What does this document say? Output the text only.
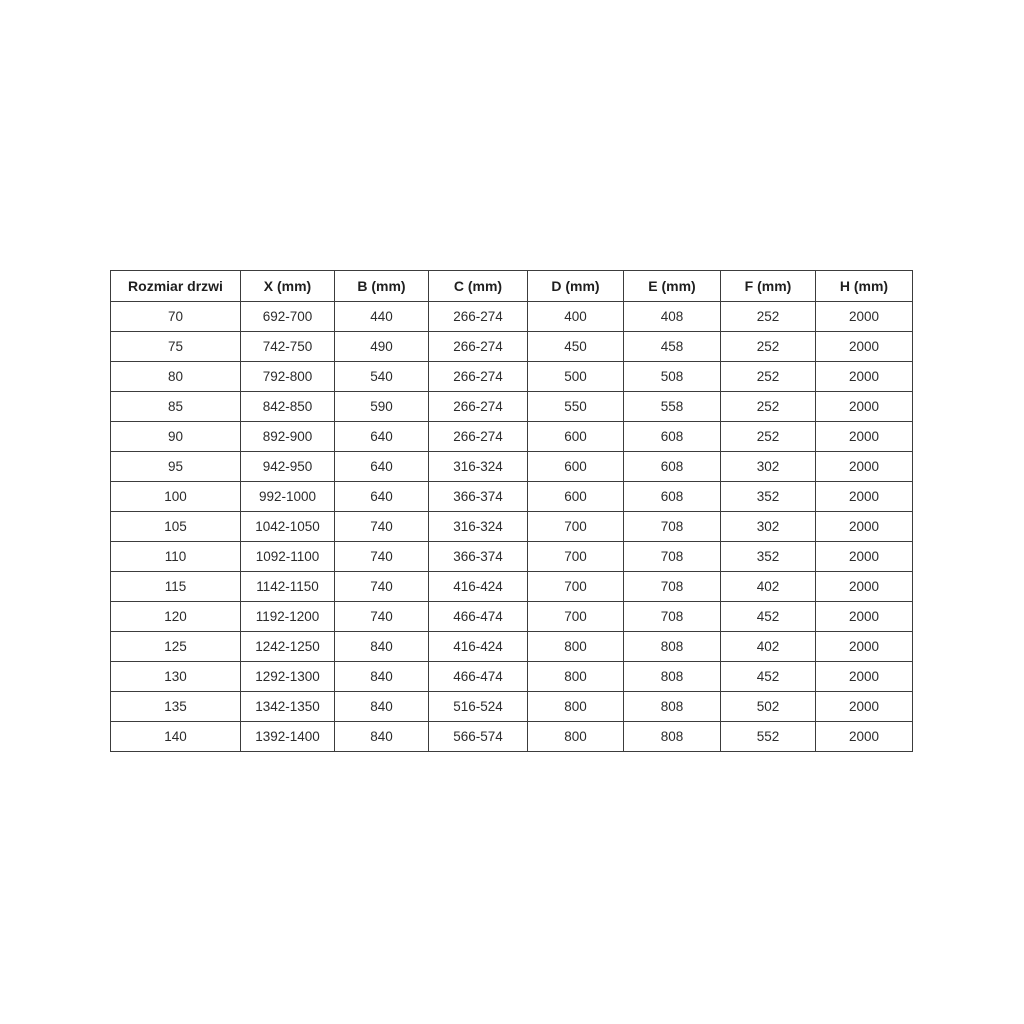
Rozmiar drzwi	X (mm)	B (mm)	C (mm)	D (mm)	E (mm)	F (mm)	H (mm)
70	692-700	440	266-274	400	408	252	2000
75	742-750	490	266-274	450	458	252	2000
80	792-800	540	266-274	500	508	252	2000
85	842-850	590	266-274	550	558	252	2000
90	892-900	640	266-274	600	608	252	2000
95	942-950	640	316-324	600	608	302	2000
100	992-1000	640	366-374	600	608	352	2000
105	1042-1050	740	316-324	700	708	302	2000
110	1092-1100	740	366-374	700	708	352	2000
115	1142-1150	740	416-424	700	708	402	2000
120	1192-1200	740	466-474	700	708	452	2000
125	1242-1250	840	416-424	800	808	402	2000
130	1292-1300	840	466-474	800	808	452	2000
135	1342-1350	840	516-524	800	808	502	2000
140	1392-1400	840	566-574	800	808	552	2000
